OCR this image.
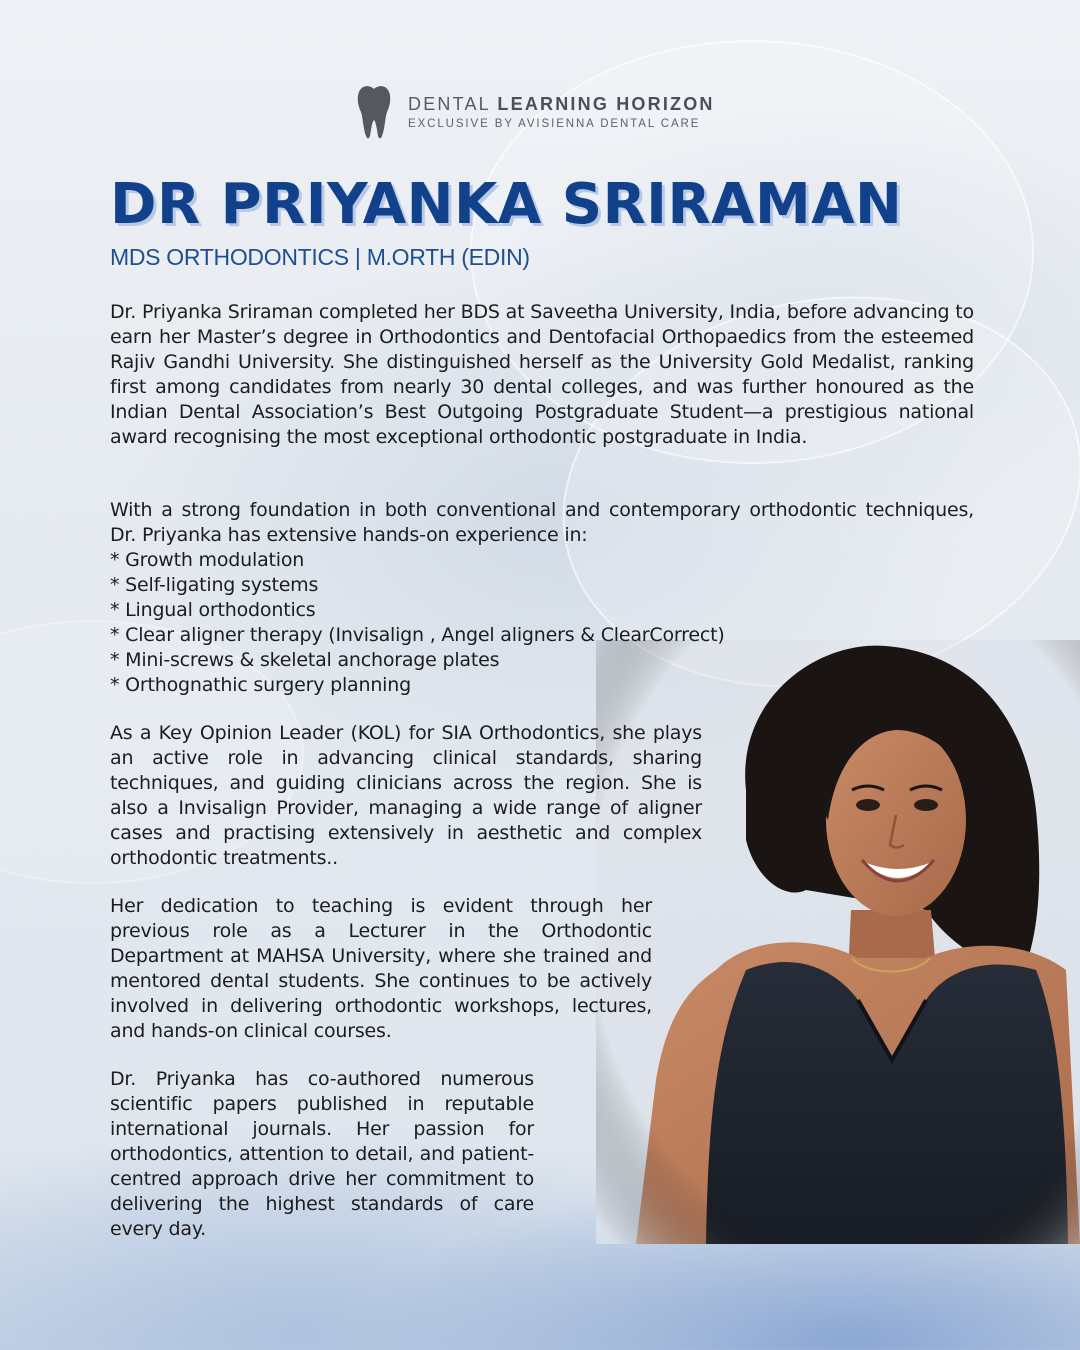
DENTAL LEARNING HORIZON
EXCLUSIVE BY AVISIENNA DENTAL CARE
DR PRIYANKA SRIRAMAN
MDS ORTHODONTICS | M.ORTH (EDIN)

Dr. Priyanka Sriraman completed her BDS at Saveetha University, India, before advancing to earn her Master’s degree in Orthodontics and Dentofacial Orthopaedics from the esteemed Rajiv Gandhi University. She distinguished herself as the University Gold Medalist, ranking first among candidates from nearly 30 dental colleges, and was further honoured as the Indian Dental Association’s Best Outgoing Postgraduate Student—a prestigious national award recognising the most exceptional orthodontic postgraduate in India.

With a strong foundation in both conventional and contemporary orthodontic techniques, Dr. Priyanka has extensive hands-on experience in:

* Growth modulation
* Self-ligating systems
* Lingual orthodontics
* Clear aligner therapy (Invisalign , Angel aligners & ClearCorrect)
* Mini-screws & skeletal anchorage plates
* Orthognathic surgery planning

As a Key Opinion Leader (KOL) for SIA Orthodontics, she plays an active role in advancing clinical standards, sharing techniques, and guiding clinicians across the region. She is also a Invisalign Provider, managing a wide range of aligner cases and practising extensively in aesthetic and complex orthodontic treatments..

Her dedication to teaching is evident through her previous role as a Lecturer in the Orthodontic Department at MAHSA University, where she trained and mentored dental students. She continues to be actively involved in delivering orthodontic workshops, lectures, and hands-on clinical courses.

Dr. Priyanka has co-authored numerous scientific papers published in reputable international journals. Her passion for orthodontics, attention to detail, and patient-centred approach drive her commitment to delivering the highest standards of care every day.
